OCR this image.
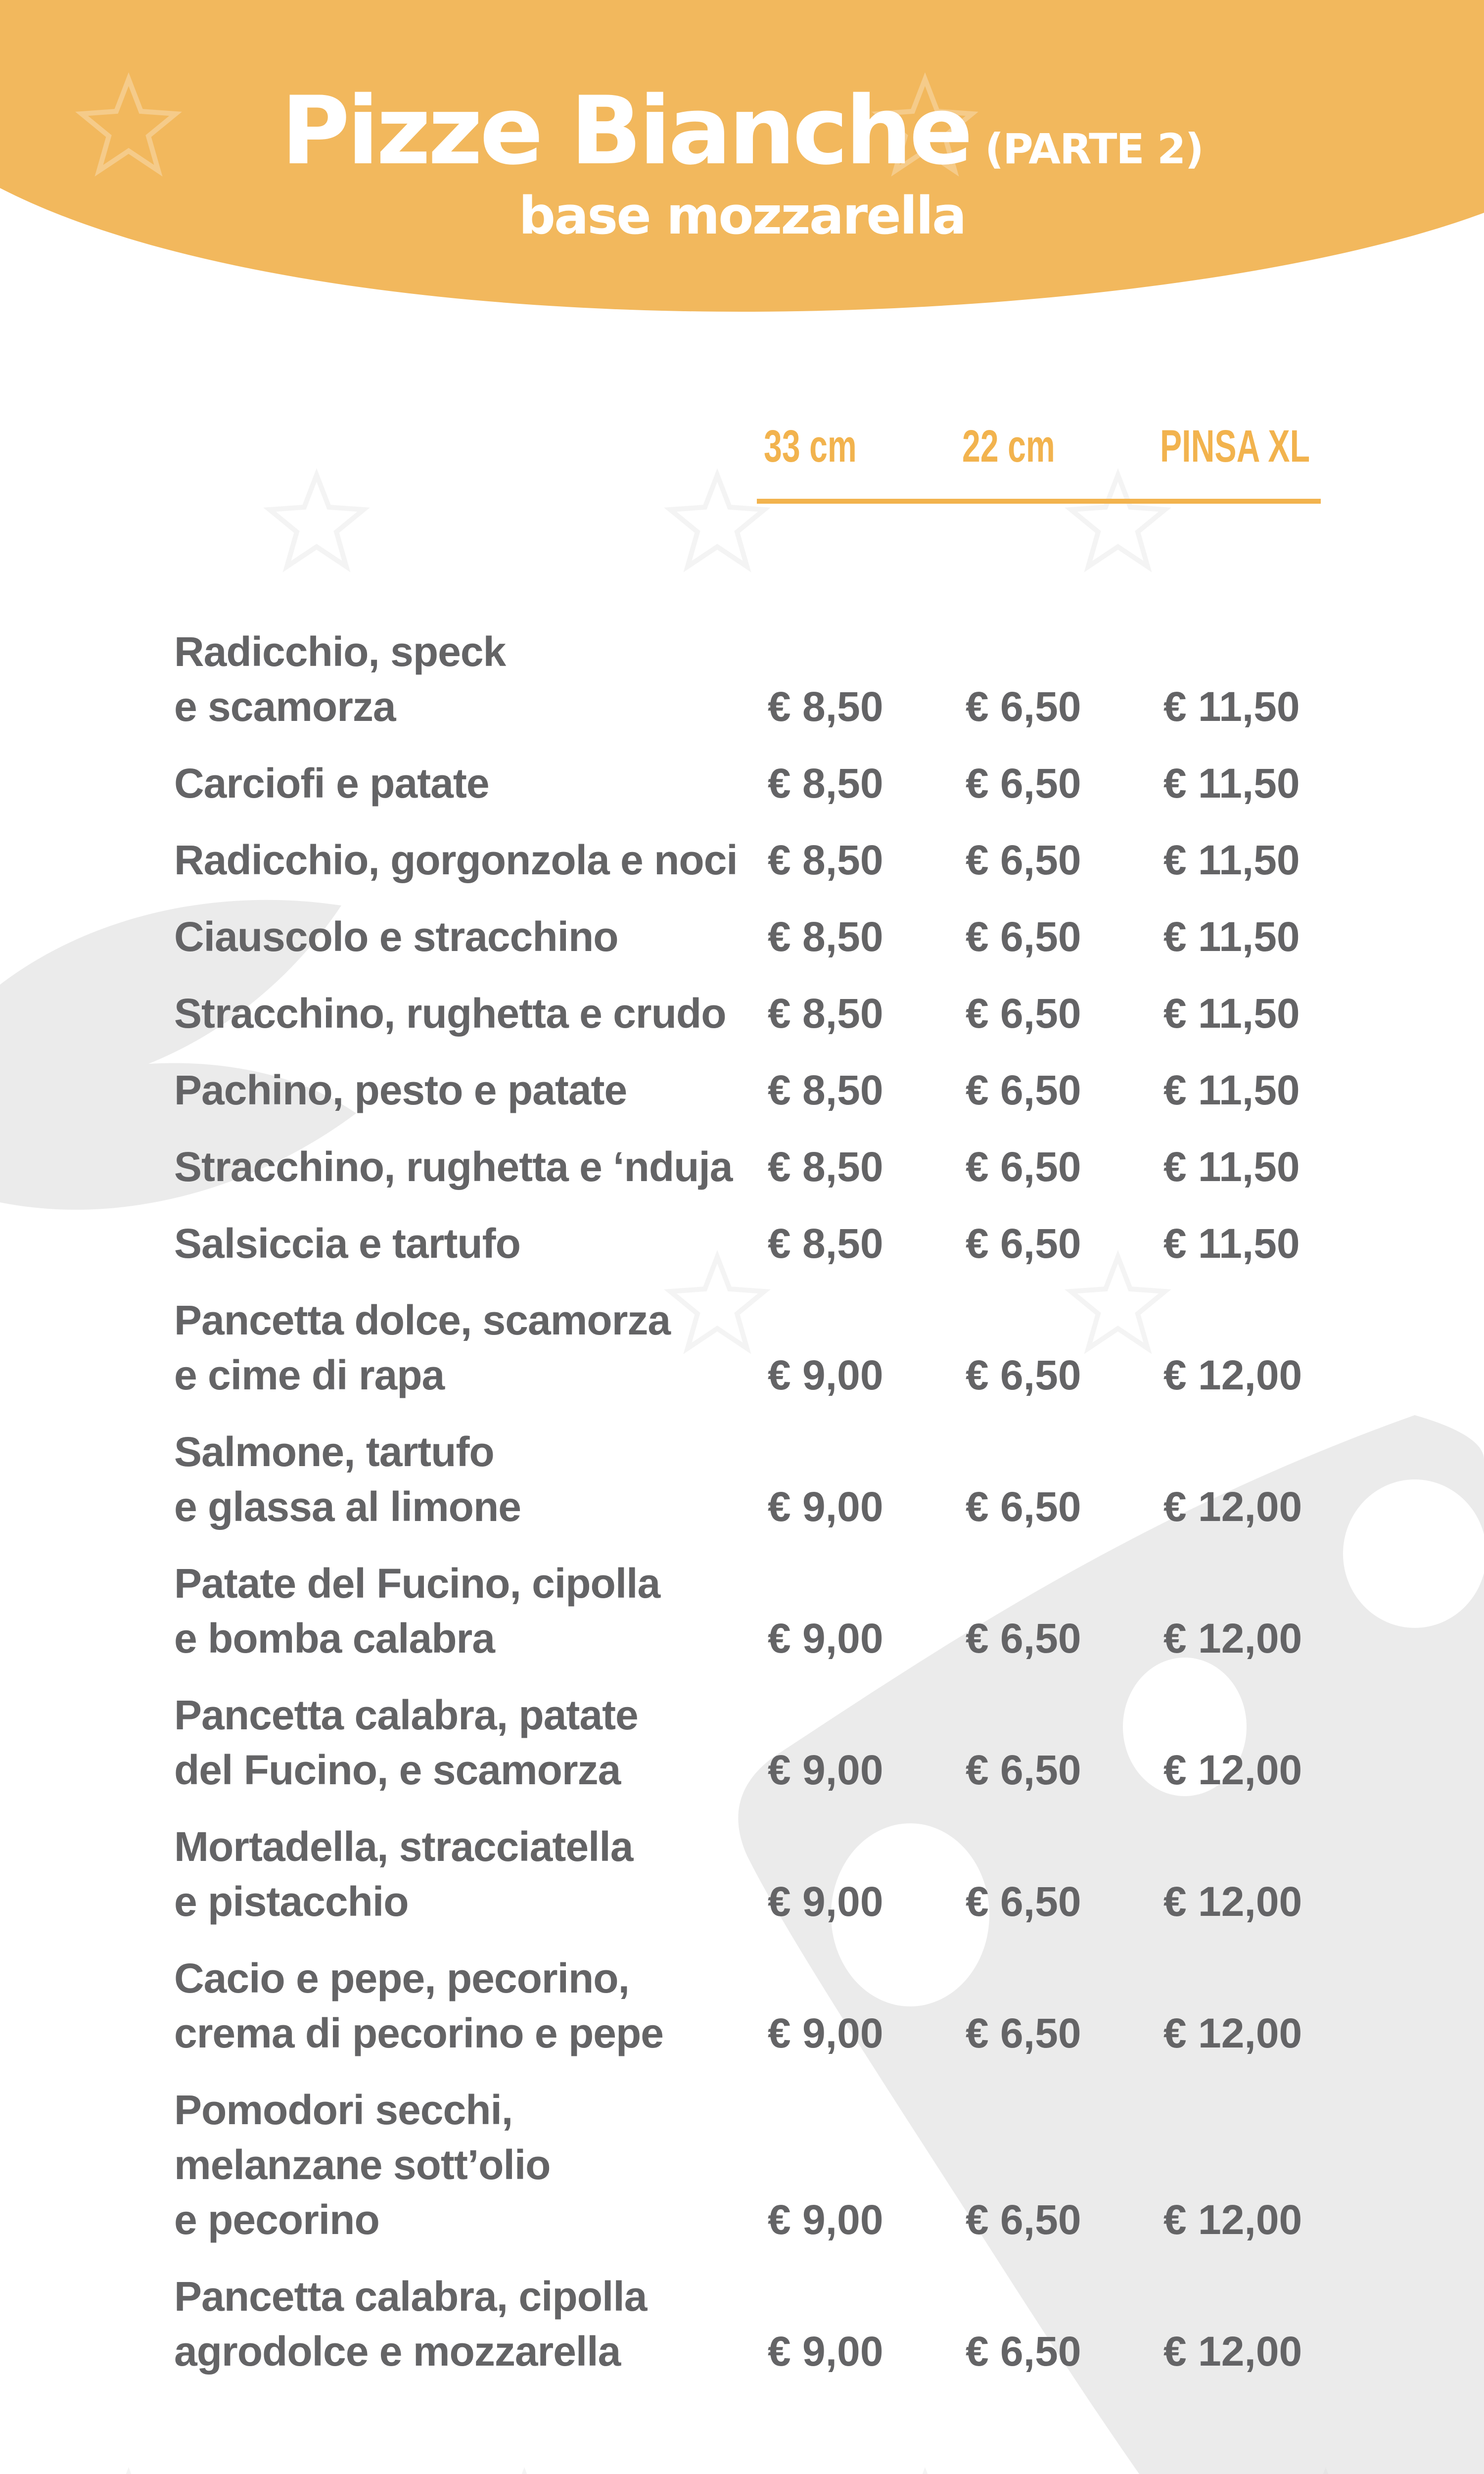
Pizze Bianche (PARTE 2)
base mozzarella
33 cm 22 cm PINSA XL
Radicchio, speck
e scamorza	€ 8,50	€ 6,50	€ 11,50
Carciofi e patate	€ 8,50	€ 6,50	€ 11,50
Radicchio, gorgonzola e noci € 8,50	€ 6,50	€ 11,50
Ciauscolo e stracchino	€ 8,50	€ 6,50	€ 11,50
Stracchino, rughetta e crudo	€ 8,50	€ 6,50	€ 11,50
Pachino, pesto e patate	€ 8,50	€ 6,50	€ 11,50
Stracchino, rughetta e ‘nduja € 8,50	€ 6,50	€ 11,50
Salsiccia e tartufo	€ 8,50	€ 6,50	€ 11,50
Pancetta dolce, scamorza
e cime di rapa	€ 9,00	€ 6,50	€ 12,00
Salmone, tartufo
e glassa al limone	€ 9,00	€ 6,50	€ 12,00
Patate del Fucino, cipolla
e bomba calabra	€ 9,00	€ 6,50	€ 12,00
Pancetta calabra, patate
del Fucino, e scamorza	€ 9,00	€ 6,50	€ 12,00
Mortadella, stracciatella
e pistacchio	€ 9,00	€ 6,50	€ 12,00
Cacio e pepe, pecorino,
crema di pecorino e pepe	€ 9,00	€ 6,50	€ 12,00
Pomodori secchi,
melanzane sott’olio
e pecorino	€ 9,00	€ 6,50	€ 12,00
Pancetta calabra, cipolla
agrodolce e mozzarella	€ 9,00	€ 6,50	€ 12,00
